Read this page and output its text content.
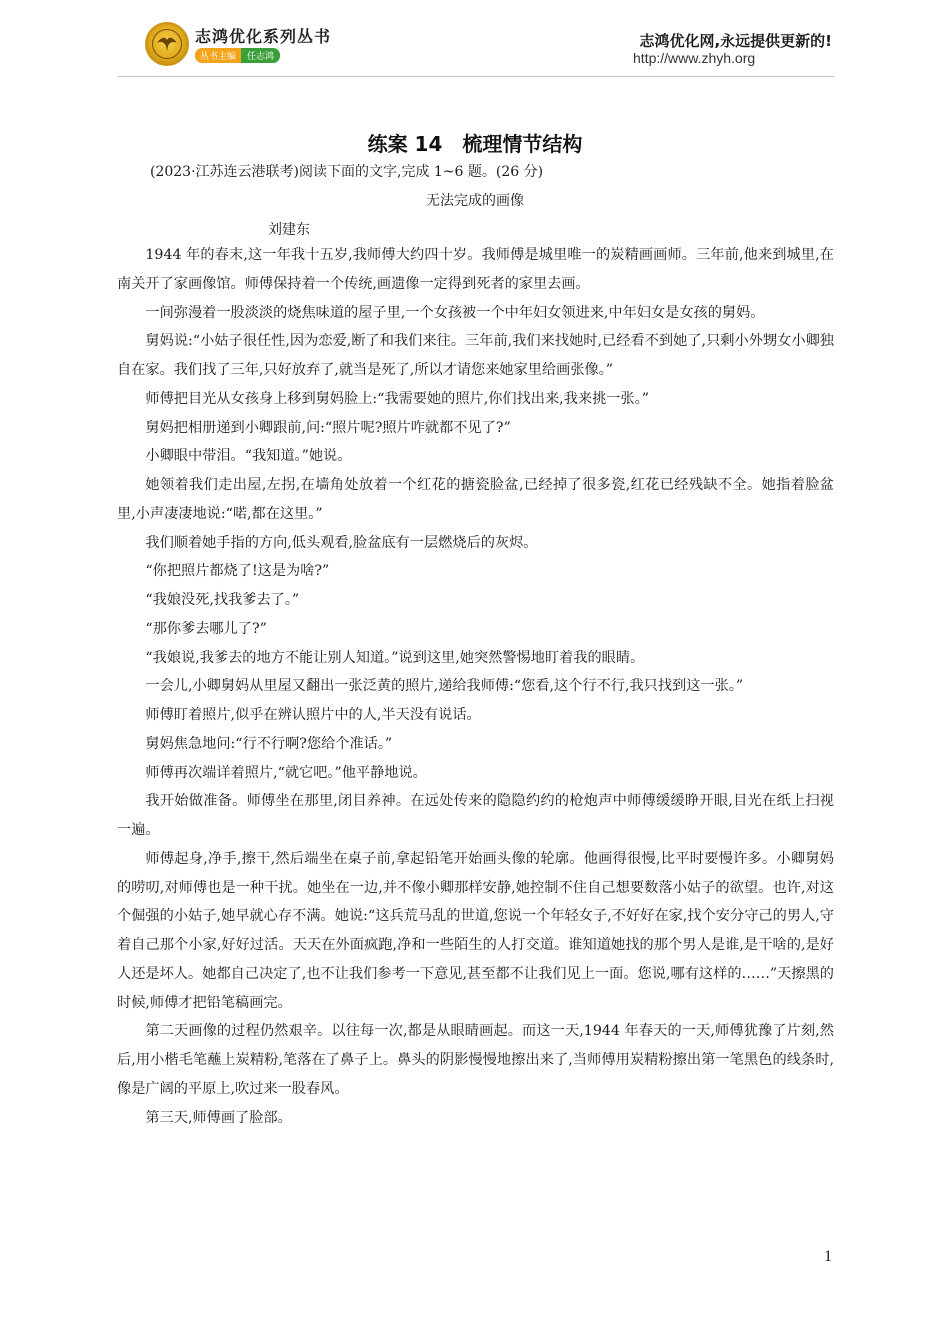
志鸿优化系列丛书
丛书主编	任志鸿
志鸿优化网,永远提供更新的!
http://www.zhyh.org
练案 14　梳理情节结构
(2023·江苏连云港联考)阅读下面的文字,完成 1~6 题。(26 分)
无法完成的画像
刘建东

1944 年的春末,这一年我十五岁,我师傅大约四十岁。我师傅是城里唯一的炭精画画师。三年前,他来到城里,在南关开了家画像馆。师傅保持着一个传统,画遗像一定得到死者的家里去画。

一间弥漫着一股淡淡的烧焦味道的屋子里,一个女孩被一个中年妇女领进来,中年妇女是女孩的舅妈。

舅妈说:“小姑子很任性,因为恋爱,断了和我们来往。三年前,我们来找她时,已经看不到她了,只剩小外甥女小卿独自在家。我们找了三年,只好放弃了,就当是死了,所以才请您来她家里给画张像。”

师傅把目光从女孩身上移到舅妈脸上:“我需要她的照片,你们找出来,我来挑一张。”

舅妈把相册递到小卿跟前,问:“照片呢?照片咋就都不见了?”

小卿眼中带泪。“我知道。”她说。

她领着我们走出屋,左拐,在墙角处放着一个红花的搪瓷脸盆,已经掉了很多瓷,红花已经残缺不全。她指着脸盆里,小声凄凄地说:“喏,都在这里。”

我们顺着她手指的方向,低头观看,脸盆底有一层燃烧后的灰烬。

“你把照片都烧了!这是为啥?”

“我娘没死,找我爹去了。”

“那你爹去哪儿了?”

“我娘说,我爹去的地方不能让别人知道。”说到这里,她突然警惕地盯着我的眼睛。

一会儿,小卿舅妈从里屋又翻出一张泛黄的照片,递给我师傅:“您看,这个行不行,我只找到这一张。”

师傅盯着照片,似乎在辨认照片中的人,半天没有说话。

舅妈焦急地问:“行不行啊?您给个准话。”

师傅再次端详着照片,“就它吧。”他平静地说。

我开始做准备。师傅坐在那里,闭目养神。在远处传来的隐隐约约的枪炮声中师傅缓缓睁开眼,目光在纸上扫视一遍。

师傅起身,净手,擦干,然后端坐在桌子前,拿起铅笔开始画头像的轮廓。他画得很慢,比平时要慢许多。小卿舅妈的唠叨,对师傅也是一种干扰。她坐在一边,并不像小卿那样安静,她控制不住自己想要数落小姑子的欲望。也许,对这个倔强的小姑子,她早就心存不满。她说:“这兵荒马乱的世道,您说一个年轻女子,不好好在家,找个安分守己的男人,守着自己那个小家,好好过活。天天在外面疯跑,净和一些陌生的人打交道。谁知道她找的那个男人是谁,是干啥的,是好人还是坏人。她都自己决定了,也不让我们参考一下意见,甚至都不让我们见上一面。您说,哪有这样的……”天擦黑的时候,师傅才把铅笔稿画完。

第二天画像的过程仍然艰辛。以往每一次,都是从眼睛画起。而这一天,1944 年春天的一天,师傅犹豫了片刻,然后,用小楷毛笔蘸上炭精粉,笔落在了鼻子上。鼻头的阴影慢慢地擦出来了,当师傅用炭精粉擦出第一笔黑色的线条时,像是广阔的平原上,吹过来一股春风。

第三天,师傅画了脸部。

1
